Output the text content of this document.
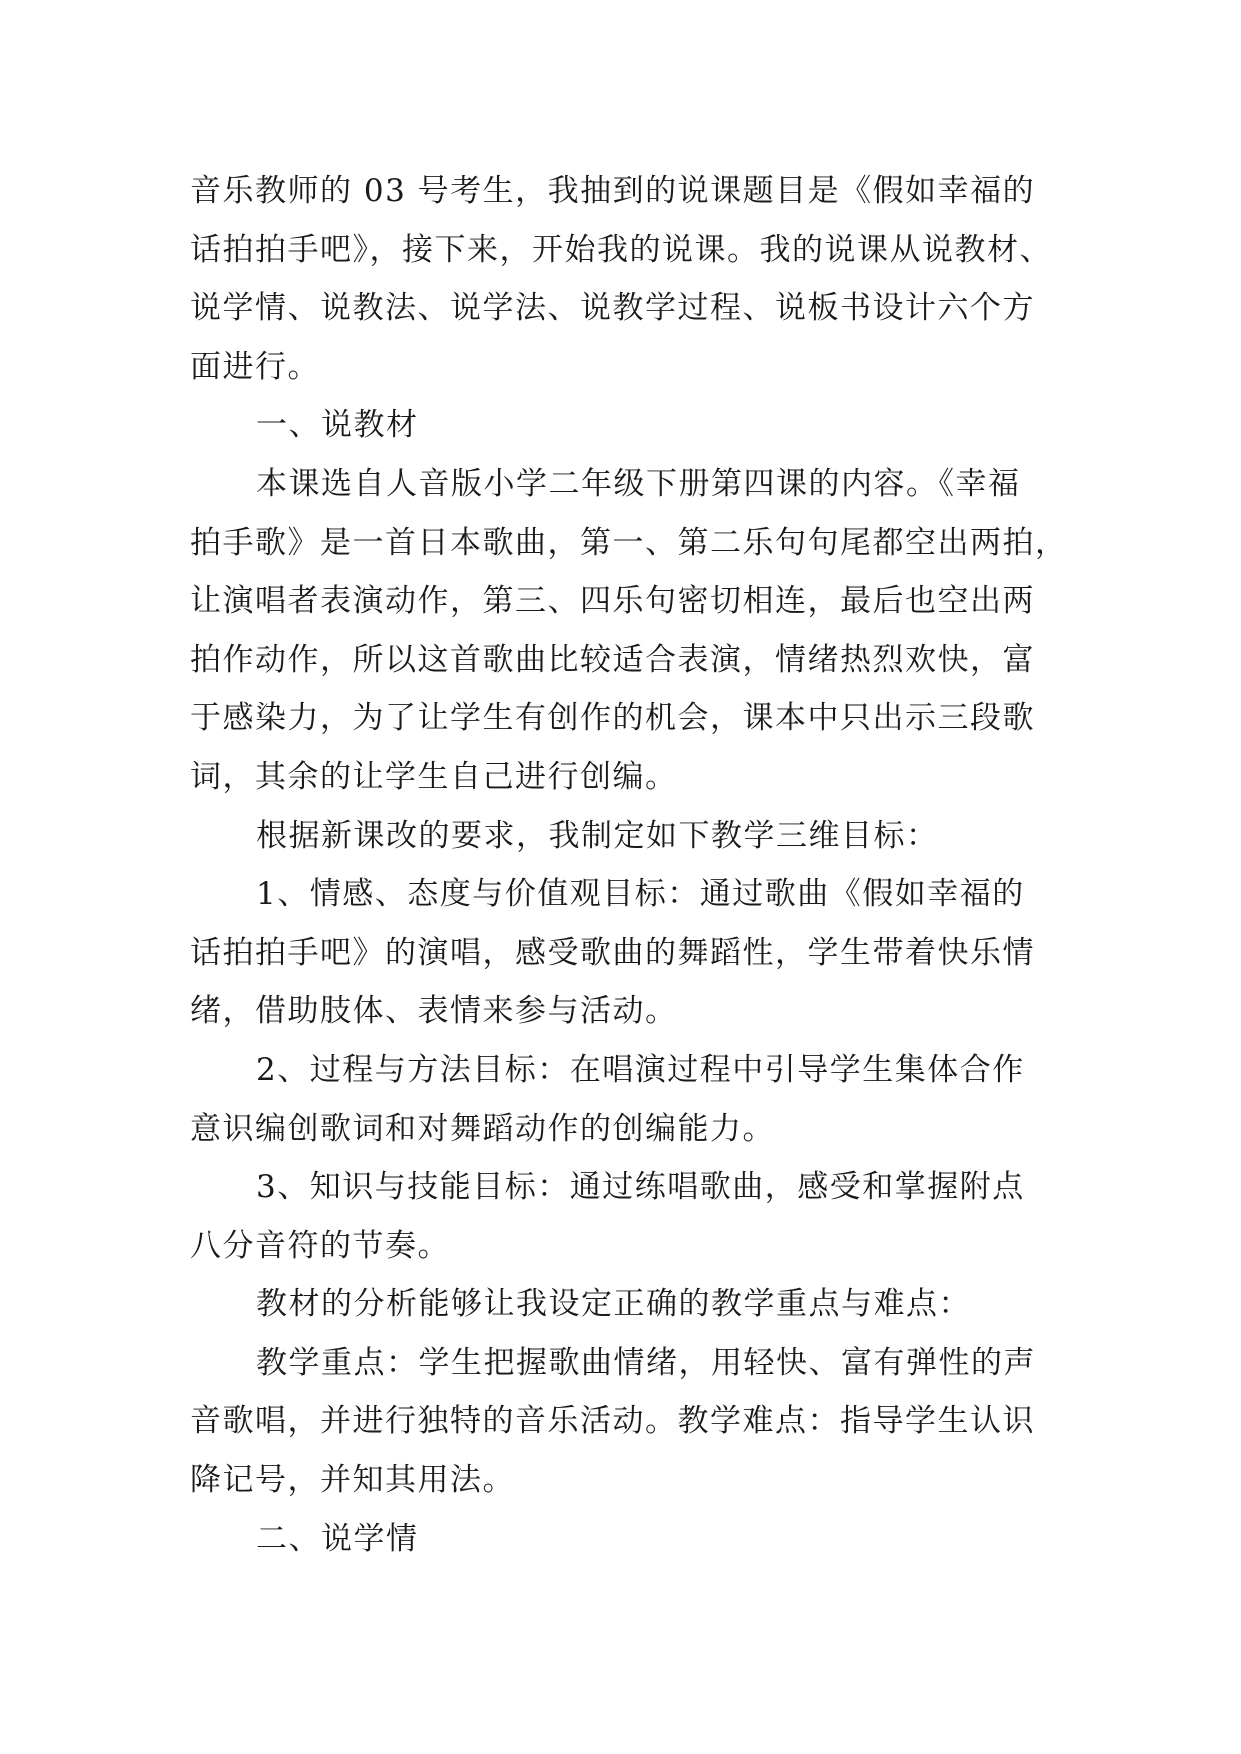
音乐教师的 03 号考生，我抽到的说课题目是《假如幸福的
话拍拍手吧》，接下来，开始我的说课。我的说课从说教材、
说学情、说教法、说学法、说教学过程、说板书设计六个方
面进行。
一、说教材
本课选自人音版小学二年级下册第四课的内容。《幸福
拍手歌》是一首日本歌曲，第一、第二乐句句尾都空出两拍，
让演唱者表演动作，第三、四乐句密切相连，最后也空出两
拍作动作，所以这首歌曲比较适合表演，情绪热烈欢快，富
于感染力，为了让学生有创作的机会，课本中只出示三段歌
词，其余的让学生自己进行创编。
根据新课改的要求，我制定如下教学三维目标：
1、情感、态度与价值观目标：通过歌曲《假如幸福的
话拍拍手吧》的演唱，感受歌曲的舞蹈性，学生带着快乐情
绪，借助肢体、表情来参与活动。
2、过程与方法目标：在唱演过程中引导学生集体合作
意识编创歌词和对舞蹈动作的创编能力。
3、知识与技能目标：通过练唱歌曲，感受和掌握附点
八分音符的节奏。
教材的分析能够让我设定正确的教学重点与难点：
教学重点：学生把握歌曲情绪，用轻快、富有弹性的声
音歌唱，并进行独特的音乐活动。教学难点：指导学生认识
降记号，并知其用法。
二、说学情
